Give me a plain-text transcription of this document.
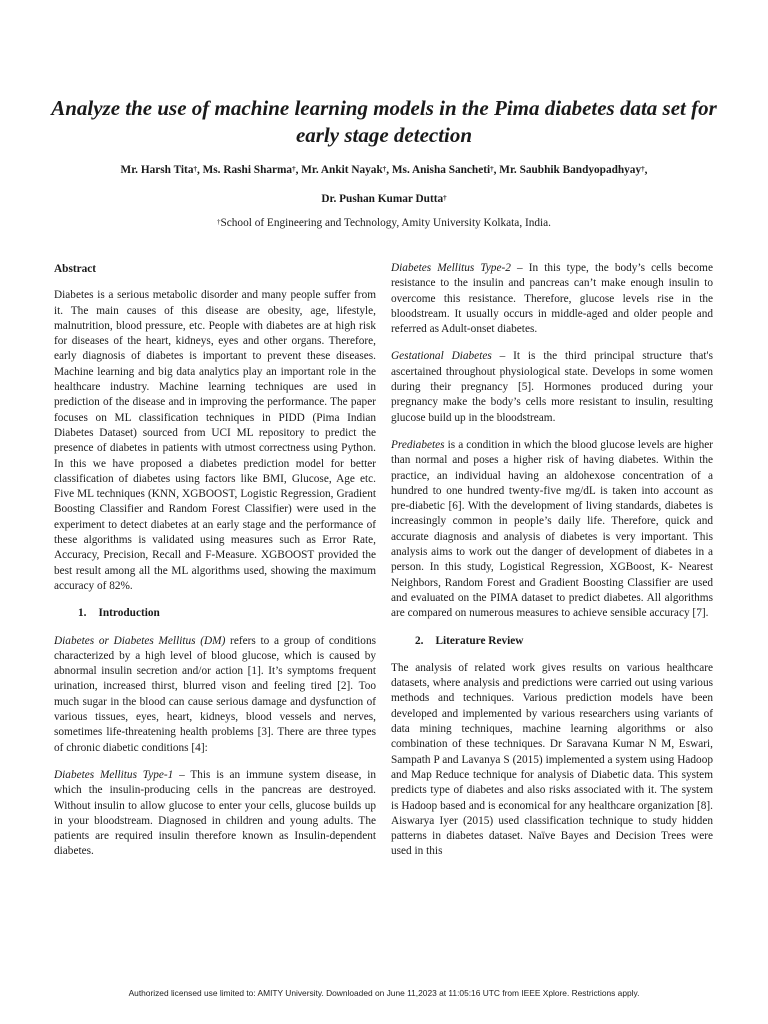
Analyze the use of machine learning models in the Pima diabetes data set for early stage detection
Mr. Harsh Tita†, Ms. Rashi Sharma†, Mr. Ankit Nayak†, Ms. Anisha Sancheti†, Mr. Saubhik Bandyopadhyay†,
Dr. Pushan Kumar Dutta†
†School of Engineering and Technology, Amity University Kolkata, India.
Abstract

Diabetes is a serious metabolic disorder and many people suffer from it. The main causes of this disease are obesity, age, lifestyle, malnutrition, blood pressure, etc. People with diabetes are at high risk for diseases of the heart, kidneys, eyes and other organs. Therefore, early diagnosis of diabetes is important to prevent these diseases. Machine learning and big data analytics play an important role in the healthcare industry. Machine learning techniques are used in prediction of the disease and in improving the performance. The paper focuses on ML classification techniques in PIDD (Pima Indian Diabetes Dataset) sourced from UCI ML repository to predict the presence of diabetes in patients with utmost correctness using Python. In this we have proposed a diabetes prediction model for better classification of diabetes using factors like BMI, Glucose, Age etc. Five ML techniques (KNN, XGBOOST, Logistic Regression, Gradient Boosting Classifier and Random Forest Classifier) were used in the experiment to detect diabetes at an early stage and the performance of these algorithms is validated using measures such as Error Rate, Accuracy, Precision, Recall and F-Measure. XGBOOST provided the best result among all the ML algorithms used, showing the maximum accuracy of 82%.

1. Introduction

Diabetes or Diabetes Mellitus (DM) refers to a group of conditions characterized by a high level of blood glucose, which is caused by abnormal insulin secretion and/or action [1]. It’s symptoms frequent urination, increased thirst, blurred vison and feeling tired [2]. Too much sugar in the blood can cause serious damage and dysfunction of various tissues, eyes, heart, kidneys, blood vessels and nerves, sometimes life-threatening health problems [3]. There are three types of chronic diabetic conditions [4]:

Diabetes Mellitus Type-1 – This is an immune system disease, in which the insulin-producing cells in the pancreas are destroyed. Without insulin to allow glucose to enter your cells, glucose builds up in your bloodstream. Diagnosed in children and young adults. The patients are required insulin therefore known as Insulin-dependent diabetes.

Diabetes Mellitus Type-2 – In this type, the body’s cells become resistance to the insulin and pancreas can’t make enough insulin to overcome this resistance. Therefore, glucose levels rise in the bloodstream. It usually occurs in middle-aged and older people and referred as Adult-onset diabetes.

Gestational Diabetes – It is the third principal structure that's ascertained throughout physiological state. Develops in some women during their pregnancy [5]. Hormones produced during your pregnancy make the body’s cells more resistant to insulin, resulting glucose build up in the bloodstream.

Prediabetes is a condition in which the blood glucose levels are higher than normal and poses a higher risk of having diabetes. Within the practice, an individual having an aldohexose concentration of a hundred to one hundred twenty-five mg/dL is taken into account as pre-diabetic [6]. With the development of living standards, diabetes is increasingly common in people’s daily life. Therefore, quick and accurate diagnosis and analysis of diabetes is very important. This analysis aims to work out the danger of development of diabetes in a person. In this study, Logistical Regression, XGBoost, K- Nearest Neighbors, Random Forest and Gradient Boosting Classifier are used and evaluated on the PIMA dataset to predict diabetes. All algorithms are compared on numerous measures to achieve sensible accuracy [7].

2. Literature Review

The analysis of related work gives results on various healthcare datasets, where analysis and predictions were carried out using various methods and techniques. Various prediction models have been developed and implemented by various researchers using variants of data mining techniques, machine learning algorithms or also combination of these techniques. Dr Saravana Kumar N M, Eswari, Sampath P and Lavanya S (2015) implemented a system using Hadoop and Map Reduce technique for analysis of Diabetic data. This system predicts type of diabetes and also risks associated with it. The system is Hadoop based and is economical for any healthcare organization [8]. Aiswarya Iyer (2015) used classification technique to study hidden patterns in diabetes dataset. Naïve Bayes and Decision Trees were used in this

Authorized licensed use limited to: AMITY University. Downloaded on June 11,2023 at 11:05:16 UTC from IEEE Xplore. Restrictions apply.
